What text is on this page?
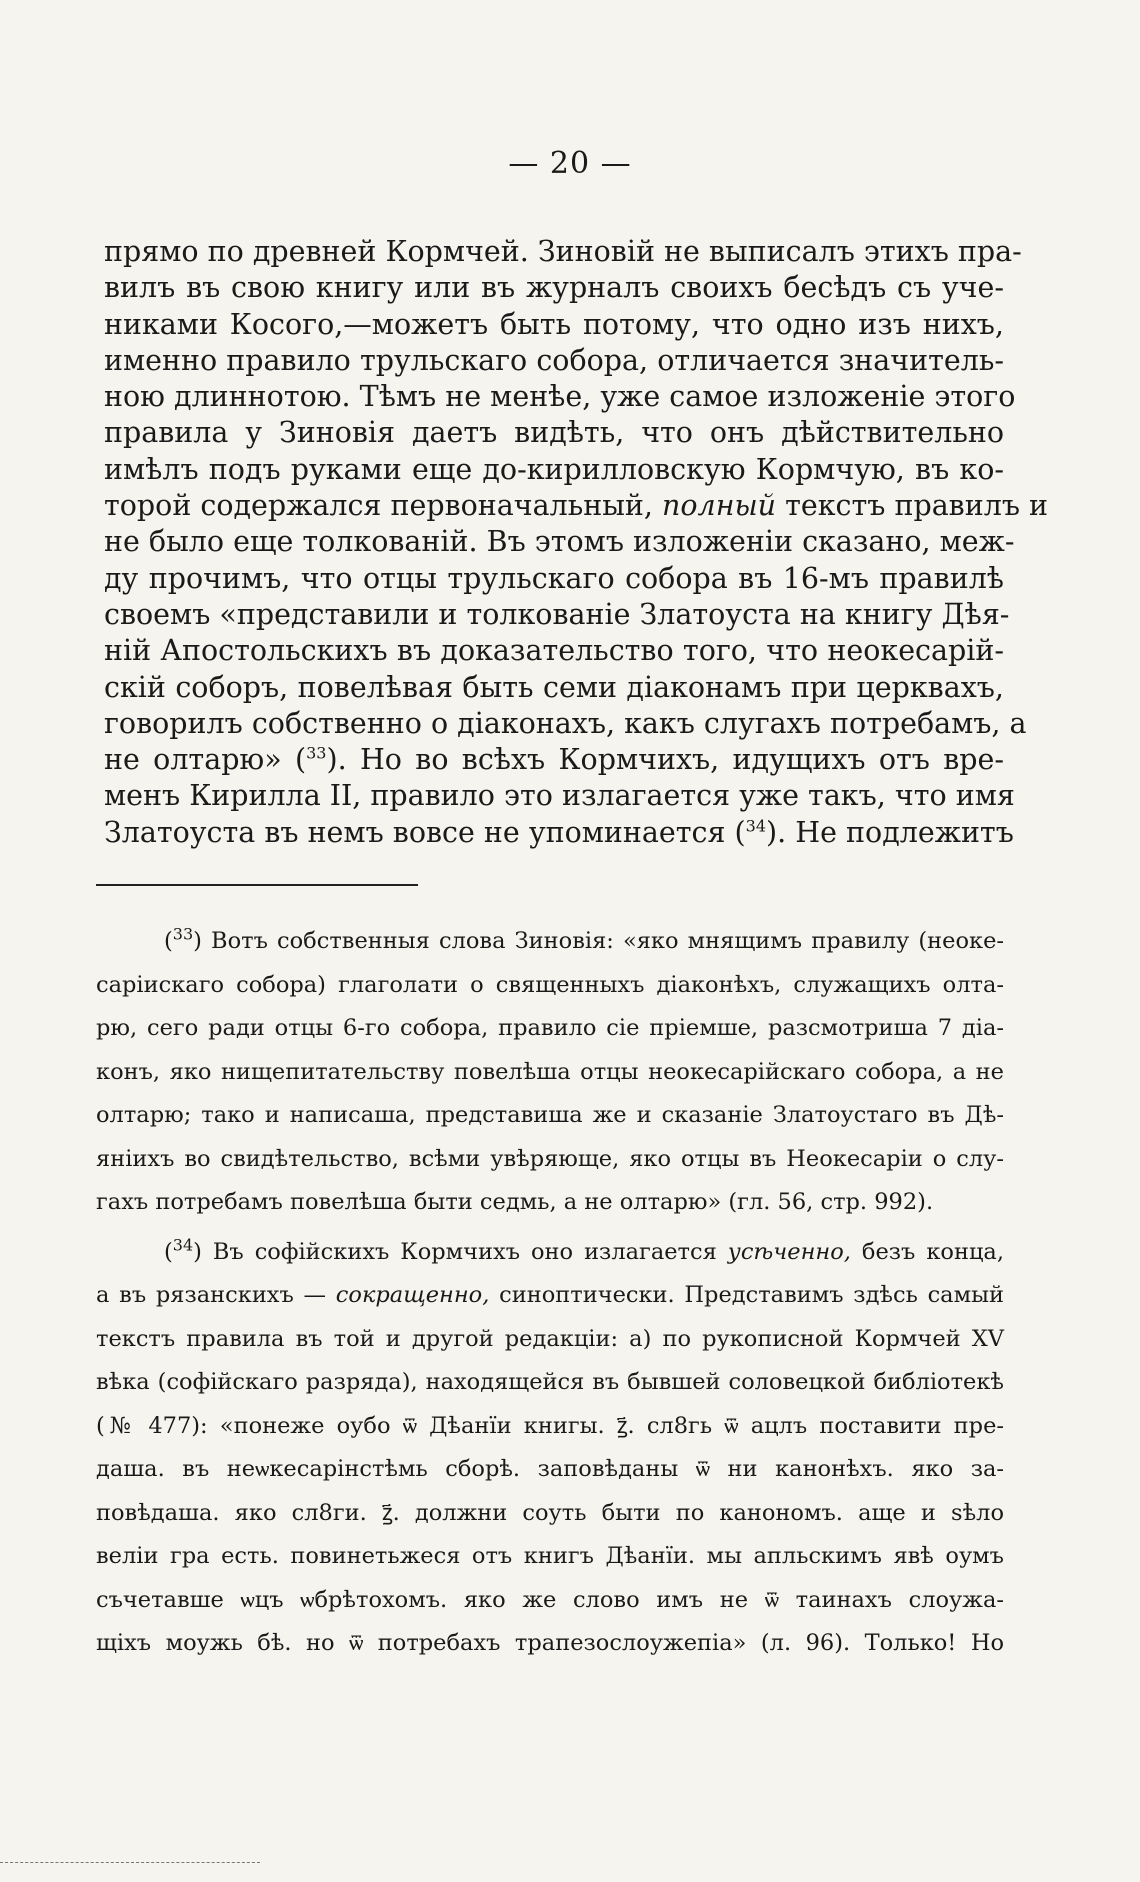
— 20 —
прямо по древней Кормчей. Зиновій не выписалъ этихъ пра-
вилъ въ свою книгу или въ журналъ своихъ бесѣдъ съ уче-
никами Косого,—можетъ быть потому, что одно изъ нихъ,
именно правило трульскаго собора, отличается значитель-
ною длиннотою. Тѣмъ не менѣе, уже самое изложеніе этого
правила у Зиновія даетъ видѣть, что онъ дѣйствительно
имѣлъ подъ руками еще до-кирилловскую Кормчую, въ ко-
торой содержался первоначальный, полный текстъ правилъ и
не было еще толкованій. Въ этомъ изложеніи сказано, меж-
ду прочимъ, что отцы трульскаго собора въ 16-мъ правилѣ
своемъ «представили и толкованіе Златоуста на книгу Дѣя-
ній Апостольскихъ въ доказательство того, что неокесарій-
скій соборъ, повелѣвая быть семи діаконамъ при церквахъ,
говорилъ собственно о діаконахъ, какъ слугахъ потребамъ, а
не олтарю» ($^{33}$). Но во всѣхъ Кормчихъ, идущихъ отъ вре-
менъ Кирилла II, правило это излагается уже такъ, что имя
Златоуста въ немъ вовсе не упоминается ($^{34}$). Не подлежитъ
($^{33}$) Вотъ собственныя слова Зиновія: «яко мнящимъ правилу (неоке-
саріискаго собора) глаголати о священныхъ діаконѣхъ, служащихъ олта-
рю, сего ради отцы 6-го собора, правило сіе пріемше, разсмотриша 7 діа-
конъ, яко нищепитательству повелѣша отцы неокесарійскаго собора, а не
олтарю; тако и написаша, представиша же и сказаніе Златоустаго въ Дѣ-
яніихъ во свидѣтельство, всѣми увѣряюще, яко отцы въ Неокесаріи о слу-
гахъ потребамъ повелѣша быти седмь, а не олтарю» (гл. 56, стр. 992).
($^{34}$) Въ софійскихъ Кормчихъ оно излагается усѣченно, безъ конца,
а въ рязанскихъ — сокращенно, синоптически. Представимъ здѣсь самый
текстъ правила въ той и другой редакціи: а) по рукописной Кормчей XV
вѣка (софійскаго разряда), находящейся въ бывшей соловецкой библіотекѣ
(№ 477): «понеже оубо ѿ Дѣанїи книгы. ꙁ҃. сл8гь ѿ ацлъ поставити пре-
даша. въ неѡкесарінстѣмь сборѣ. заповѣданы ѿ ни канонѣхъ. яко за-
повѣдаша. яко сл8ги. ꙁ҃. должни соуть быти по канономъ. аще и ѕѣло
веліи гра есть. повинетьжеся отъ книгъ Дѣанїи. мы апльскимъ явѣ оумъ
съчетавше ѡцъ ѡбрѣтохомъ. яко же слово имъ не ѿ таинахъ слоужа-
щіхъ моужь бѣ. но ѿ потребахъ трапезослоужепіа» (л. 96). Только! Но
